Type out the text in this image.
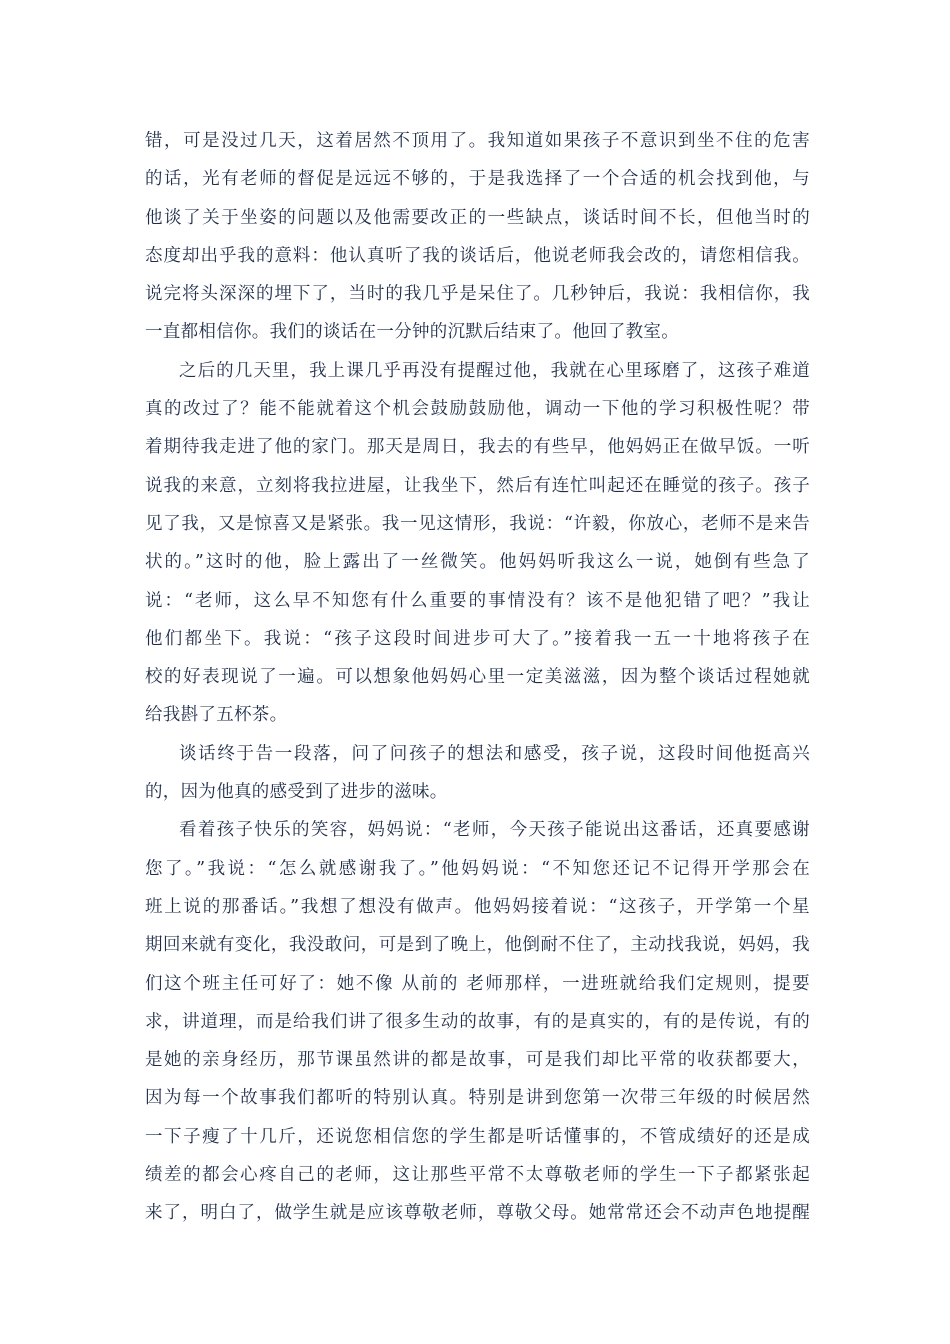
错，可是没过几天，这着居然不顶用了。我知道如果孩子不意识到坐不住的危害
的话，光有老师的督促是远远不够的，于是我选择了一个合适的机会找到他，与
他谈了关于坐姿的问题以及他需要改正的一些缺点，谈话时间不长，但他当时的
态度却出乎我的意料：他认真听了我的谈话后，他说老师我会改的，请您相信我。
说完将头深深的埋下了，当时的我几乎是呆住了。几秒钟后，我说：我相信你，我
一直都相信你。我们的谈话在一分钟的沉默后结束了。他回了教室。
之后的几天里，我上课几乎再没有提醒过他，我就在心里琢磨了，这孩子难道
真的改过了？能不能就着这个机会鼓励鼓励他，调动一下他的学习积极性呢？带
着期待我走进了他的家门。那天是周日，我去的有些早，他妈妈正在做早饭。一听
说我的来意，立刻将我拉进屋，让我坐下，然后有连忙叫起还在睡觉的孩子。孩子
见了我，又是惊喜又是紧张。我一见这情形，我说：“许毅，你放心，老师不是来告
状的。”这时的他，脸上露出了一丝微笑。他妈妈听我这么一说，她倒有些急了
说：“老师，这么早不知您有什么重要的事情没有？该不是他犯错了吧？”我让
他们都坐下。我说：“孩子这段时间进步可大了。”接着我一五一十地将孩子在
校的好表现说了一遍。可以想象他妈妈心里一定美滋滋，因为整个谈话过程她就
给我斟了五杯茶。
谈话终于告一段落，问了问孩子的想法和感受，孩子说，这段时间他挺高兴
的，因为他真的感受到了进步的滋味。
看着孩子快乐的笑容，妈妈说：“老师，今天孩子能说出这番话，还真要感谢
您了。”我说：“怎么就感谢我了。”他妈妈说：“不知您还记不记得开学那会在
班上说的那番话。”我想了想没有做声。他妈妈接着说：“这孩子，开学第一个星
期回来就有变化，我没敢问，可是到了晚上，他倒耐不住了，主动找我说，妈妈，我
们这个班主任可好了：她不像 从前的 老师那样，一进班就给我们定规则，提要
求，讲道理，而是给我们讲了很多生动的故事，有的是真实的，有的是传说，有的
是她的亲身经历，那节课虽然讲的都是故事，可是我们却比平常的收获都要大，
因为每一个故事我们都听的特别认真。特别是讲到您第一次带三年级的时候居然
一下子瘦了十几斤，还说您相信您的学生都是听话懂事的，不管成绩好的还是成
绩差的都会心疼自己的老师，这让那些平常不太尊敬老师的学生一下子都紧张起
来了，明白了，做学生就是应该尊敬老师，尊敬父母。她常常还会不动声色地提醒
